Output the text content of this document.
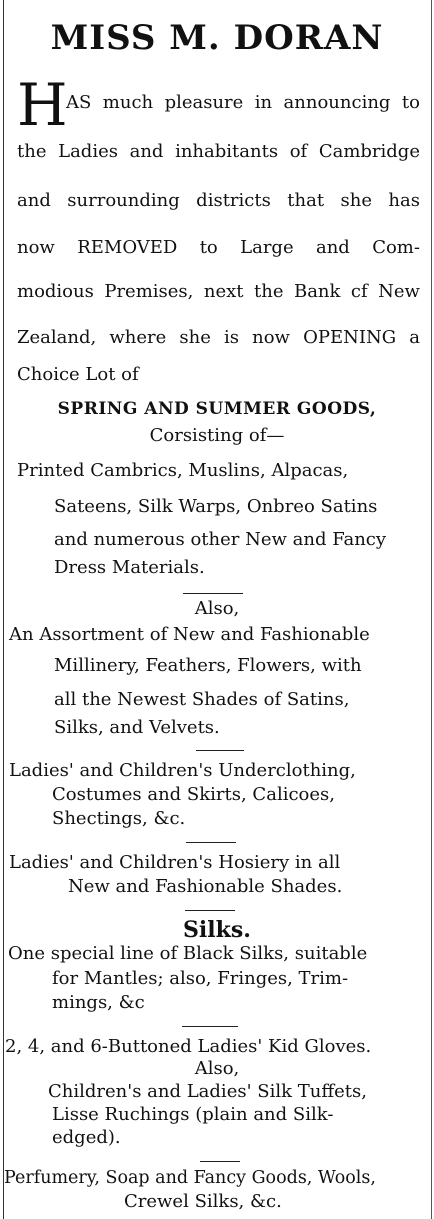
MISS M. DORAN
H
AS much pleasure in announcing to
the Ladies and inhabitants of Cambridge
and surrounding districts that she has
now REMOVED to Large and Com-
modious Premises, next the Bank cf New
Zealand, where she is now OPENING a
Choice Lot of
SPRING AND SUMMER GOODS,
Corsisting of—
Printed Cambrics, Muslins, Alpacas,
Sateens, Silk Warps, Onbreo Satins
and numerous other New and Fancy
Dress Materials.
Also,
An Assortment of New and Fashionable
Millinery, Feathers, Flowers, with
all the Newest Shades of Satins,
Silks, and Velvets.
Ladies' and Children's Underclothing,
Costumes and Skirts, Calicoes,
Shectings, &c.
Ladies' and Children's Hosiery in all
New and Fashionable Shades.
Silks.
One special line of Black Silks, suitable
for Mantles; also, Fringes, Trim-
mings, &c
2, 4, and 6-Buttoned Ladies' Kid Gloves.
Also,
Children's and Ladies' Silk Tuffets,
Lisse Ruchings (plain and Silk-
edged).
Perfumery, Soap and Fancy Goods, Wools,
Crewel Silks, &c.
